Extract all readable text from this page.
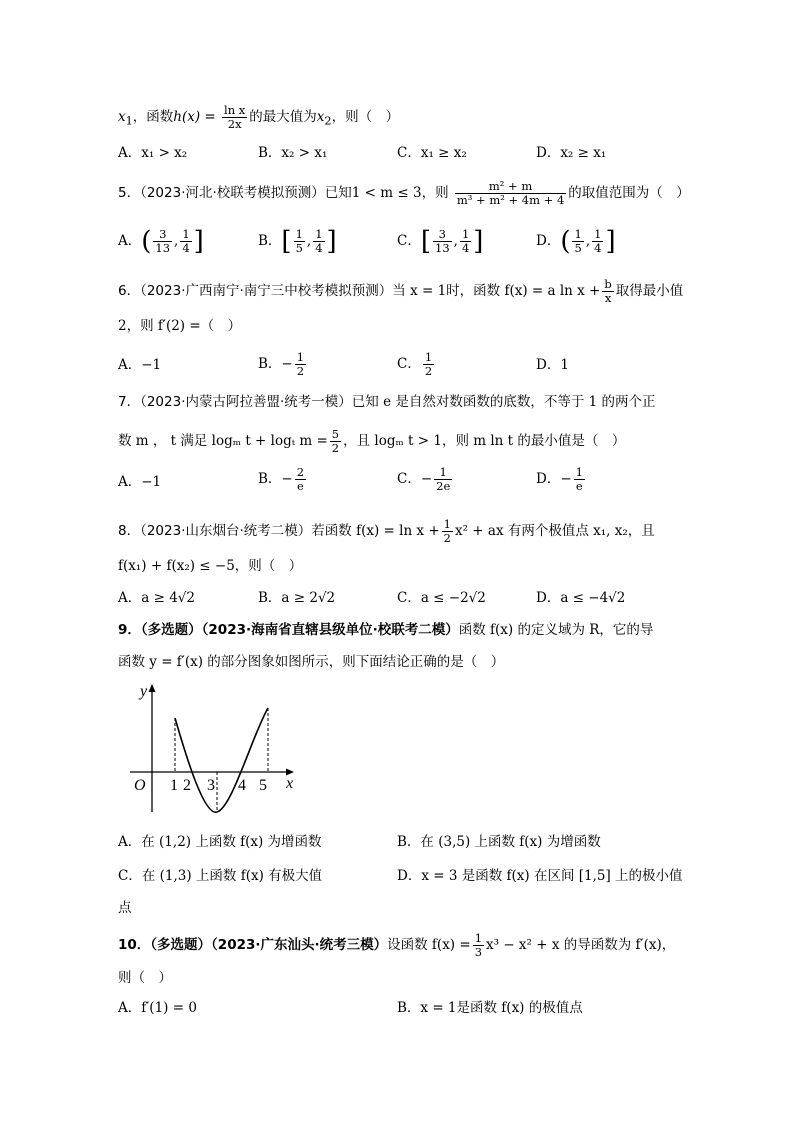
$x_1$，函数$h(x) = \frac{\text{ln x}}{2x}$ 的最大值为$x_2$，则（　）
A．x₁ > x₂	B．x₂ > x₁	C．x₁ ≥ x₂	D．x₂ ≥ x₁
5．（2023·河北·校联考模拟预测）已知1 < m ≤ 3，则 $\frac{\text{m² + m}}{\text{m³ + m² + 4m + 4}}$ 的取值范围为（　）
A．( $\frac{3}{13}$ , $\frac{1}{4}$ ]	B．[ $\frac{1}{5}$ , $\frac{1}{4}$ ]	C．[ $\frac{3}{13}$ , $\frac{1}{4}$ ]	D．( $\frac{1}{5}$ , $\frac{1}{4}$ ]
6．（2023·广西南宁·南宁三中校考模拟预测）当 x = 1时，函数 f(x) = a $\ln x + \frac{b}{x}$ 取得最小值
2，则 f′(2) =（　）
A．−1	B．− $\frac{1}{2}$	C． $\frac{1}{2}$	D．1
7．（2023·内蒙古阿拉善盟·统考一模）已知 e 是自然对数函数的底数，不等于 1 的两个正
数 m ， t 满足 logₘ t + logₜ $m = \frac{5}{2}$ ，且 logₘ t > 1，则 m ln t 的最小值是（　）
A．−1	B．− $\frac{2}{e}$	C．− $\frac{1}{2e}$	D．− $\frac{1}{e}$
8．（2023·山东烟台·统考二模）若函数 $f(x) = \ln x + \frac{1}{2} x^2$ + ax 有两个极值点 x₁, x₂，且
f(x₁) + f(x₂) ≤ −5，则（　）
A．a ≥ 4√2	B．a ≥ 2√2	C．a ≤ −2√2	D．a ≤ −4√2
9．（多选题）（2023·海南省直辖县级单位·校联考二模）函数 f(x) 的定义域为 R，它的导
函数 y = f′(x) 的部分图象如图所示，则下面结论正确的是（　）
y
x
O 1 2 3 4 5
A．在 (1,2) 上函数 f(x) 为增函数	B．在 (3,5) 上函数 f(x) 为增函数
C．在 (1,3) 上函数 f(x) 有极大值	D．x = 3 是函数 f(x) 在区间 [1,5] 上的极小值
点
10．（多选题）（2023·广东汕头·统考三模）设函数 $f(x) = \frac{1}{3} x^3 - x^2 + x$ 的导函数为 f′(x)，
则（　）
A．f′(1) = 0	B．x = 1是函数 f(x) 的极值点
